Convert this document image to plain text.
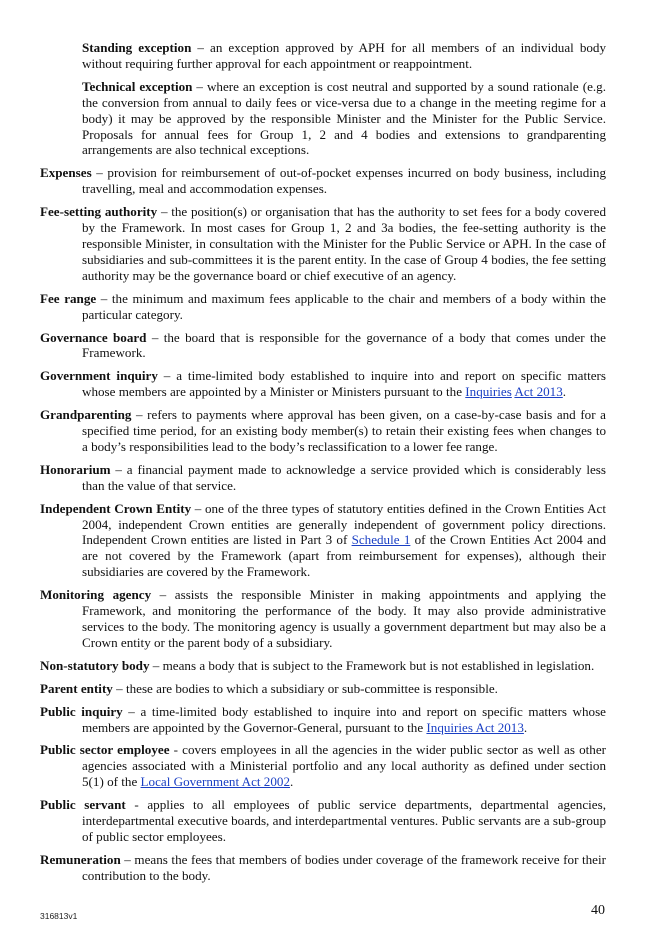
Standing exception – an exception approved by APH for all members of an individual body without requiring further approval for each appointment or reappointment.

Technical exception – where an exception is cost neutral and supported by a sound rationale (e.g. the conversion from annual to daily fees or vice-versa due to a change in the meeting regime for a body) it may be approved by the responsible Minister and the Minister for the Public Service. Proposals for annual fees for Group 1, 2 and 4 bodies and extensions to grandparenting arrangements are also technical exceptions.

Expenses – provision for reimbursement of out-of-pocket expenses incurred on body business, including travelling, meal and accommodation expenses.

Fee-setting authority – the position(s) or organisation that has the authority to set fees for a body covered by the Framework. In most cases for Group 1, 2 and 3a bodies, the fee-setting authority is the responsible Minister, in consultation with the Minister for the Public Service or APH. In the case of subsidiaries and sub-committees it is the parent entity. In the case of Group 4 bodies, the fee setting authority may be the governance board or chief executive of an agency.

Fee range – the minimum and maximum fees applicable to the chair and members of a body within the particular category.

Governance board – the board that is responsible for the governance of a body that comes under the Framework.

Government inquiry – a time-limited body established to inquire into and report on specific matters whose members are appointed by a Minister or Ministers pursuant to the Inquiries Act 2013.

Grandparenting – refers to payments where approval has been given, on a case-by-case basis and for a specified time period, for an existing body member(s) to retain their existing fees when changes to a body’s responsibilities lead to the body’s reclassification to a lower fee range.

Honorarium – a financial payment made to acknowledge a service provided which is considerably less than the value of that service.

Independent Crown Entity – one of the three types of statutory entities defined in the Crown Entities Act 2004, independent Crown entities are generally independent of government policy directions. Independent Crown entities are listed in Part 3 of Schedule 1 of the Crown Entities Act 2004 and are not covered by the Framework (apart from reimbursement for expenses), although their subsidiaries are covered by the Framework.

Monitoring agency – assists the responsible Minister in making appointments and applying the Framework, and monitoring the performance of the body. It may also provide administrative services to the body. The monitoring agency is usually a government department but may also be a Crown entity or the parent body of a subsidiary.

Non-statutory body – means a body that is subject to the Framework but is not established in legislation.

Parent entity – these are bodies to which a subsidiary or sub-committee is responsible.

Public inquiry – a time-limited body established to inquire into and report on specific matters whose members are appointed by the Governor-General, pursuant to the Inquiries Act 2013.

Public sector employee - covers employees in all the agencies in the wider public sector as well as other agencies associated with a Ministerial portfolio and any local authority as defined under section 5(1) of the Local Government Act 2002.

Public servant - applies to all employees of public service departments, departmental agencies, interdepartmental executive boards, and interdepartmental ventures. Public servants are a sub-group of public sector employees.

Remuneration – means the fees that members of bodies under coverage of the framework receive for their contribution to the body.

316813v1	40
